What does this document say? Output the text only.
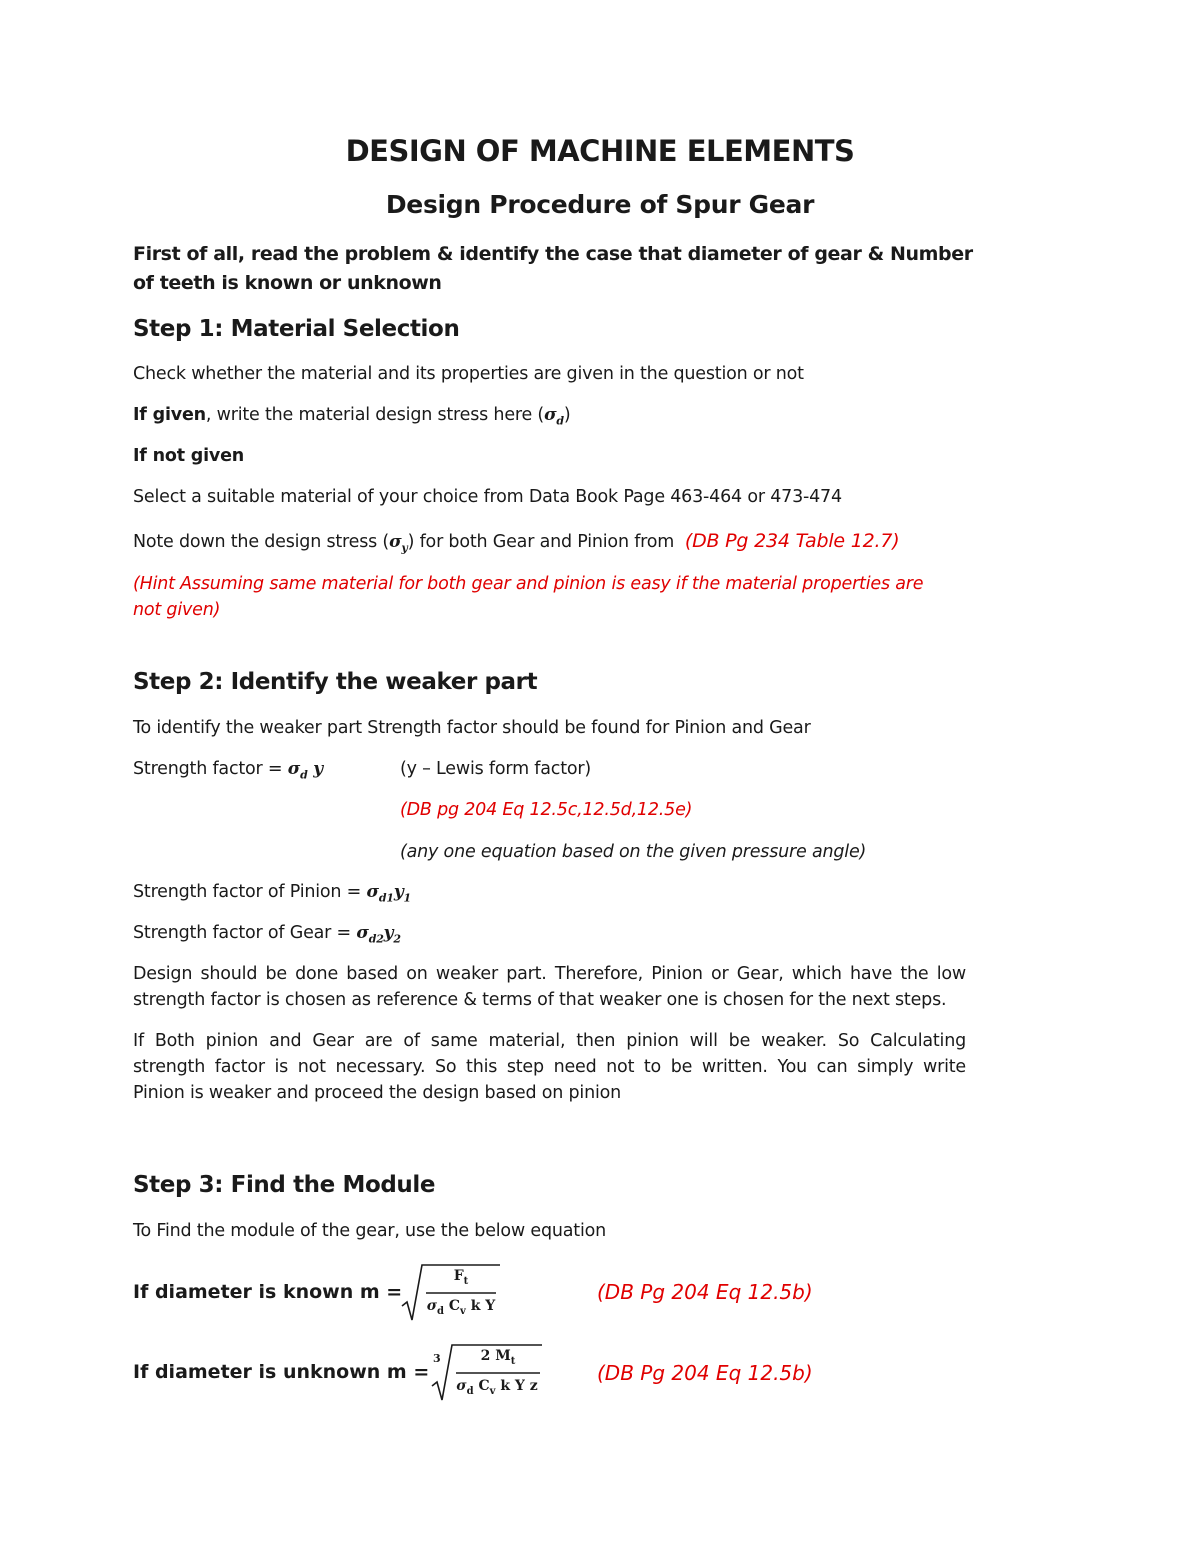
DESIGN OF MACHINE ELEMENTS
Design Procedure of Spur Gear
First of all, read the problem & identify the case that diameter of gear & Number
of teeth is known or unknown
Step 1: Material Selection
Check whether the material and its properties are given in the question or not
If given, write the material design stress here $(\sigma_d)$
If not given
Select a suitable material of your choice from Data Book Page 463-464 or 473-474
Note down the design stress $(\sigma_y)$ for both Gear and Pinion from (DB Pg 234 Table 12.7)
(Hint Assuming same material for both gear and pinion is easy if the material properties are
not given)
Step 2: Identify the weaker part
To identify the weaker part Strength factor should be found for Pinion and Gear
Strength factor = $\sigma_d$ y	(y – Lewis form factor)
(DB pg 204 Eq 12.5c,12.5d,12.5e)
(any one equation based on the given pressure angle)
Strength factor of Pinion = $\sigma_{d1}y_1$
Strength factor of Gear = $\sigma_{d2}y_2$
Design should be done based on weaker part. Therefore, Pinion or Gear, which have the low
strength factor is chosen as reference & terms of that weaker one is chosen for the next steps.
If Both pinion and Gear are of same material, then pinion will be weaker. So Calculating
strength factor is not necessary. So this step need not to be written. You can simply write
Pinion is weaker and proceed the design based on pinion
Step 3: Find the Module
To Find the module of the gear, use the below equation
If diameter is known m =
$F_t$
$\sigma_d$ $C_v$ k Y
(DB Pg 204 Eq 12.5b)
If diameter is unknown m =
3	2 $M_t$
$\sigma_d$ $C_v$ k Y z
(DB Pg 204 Eq 12.5b)
